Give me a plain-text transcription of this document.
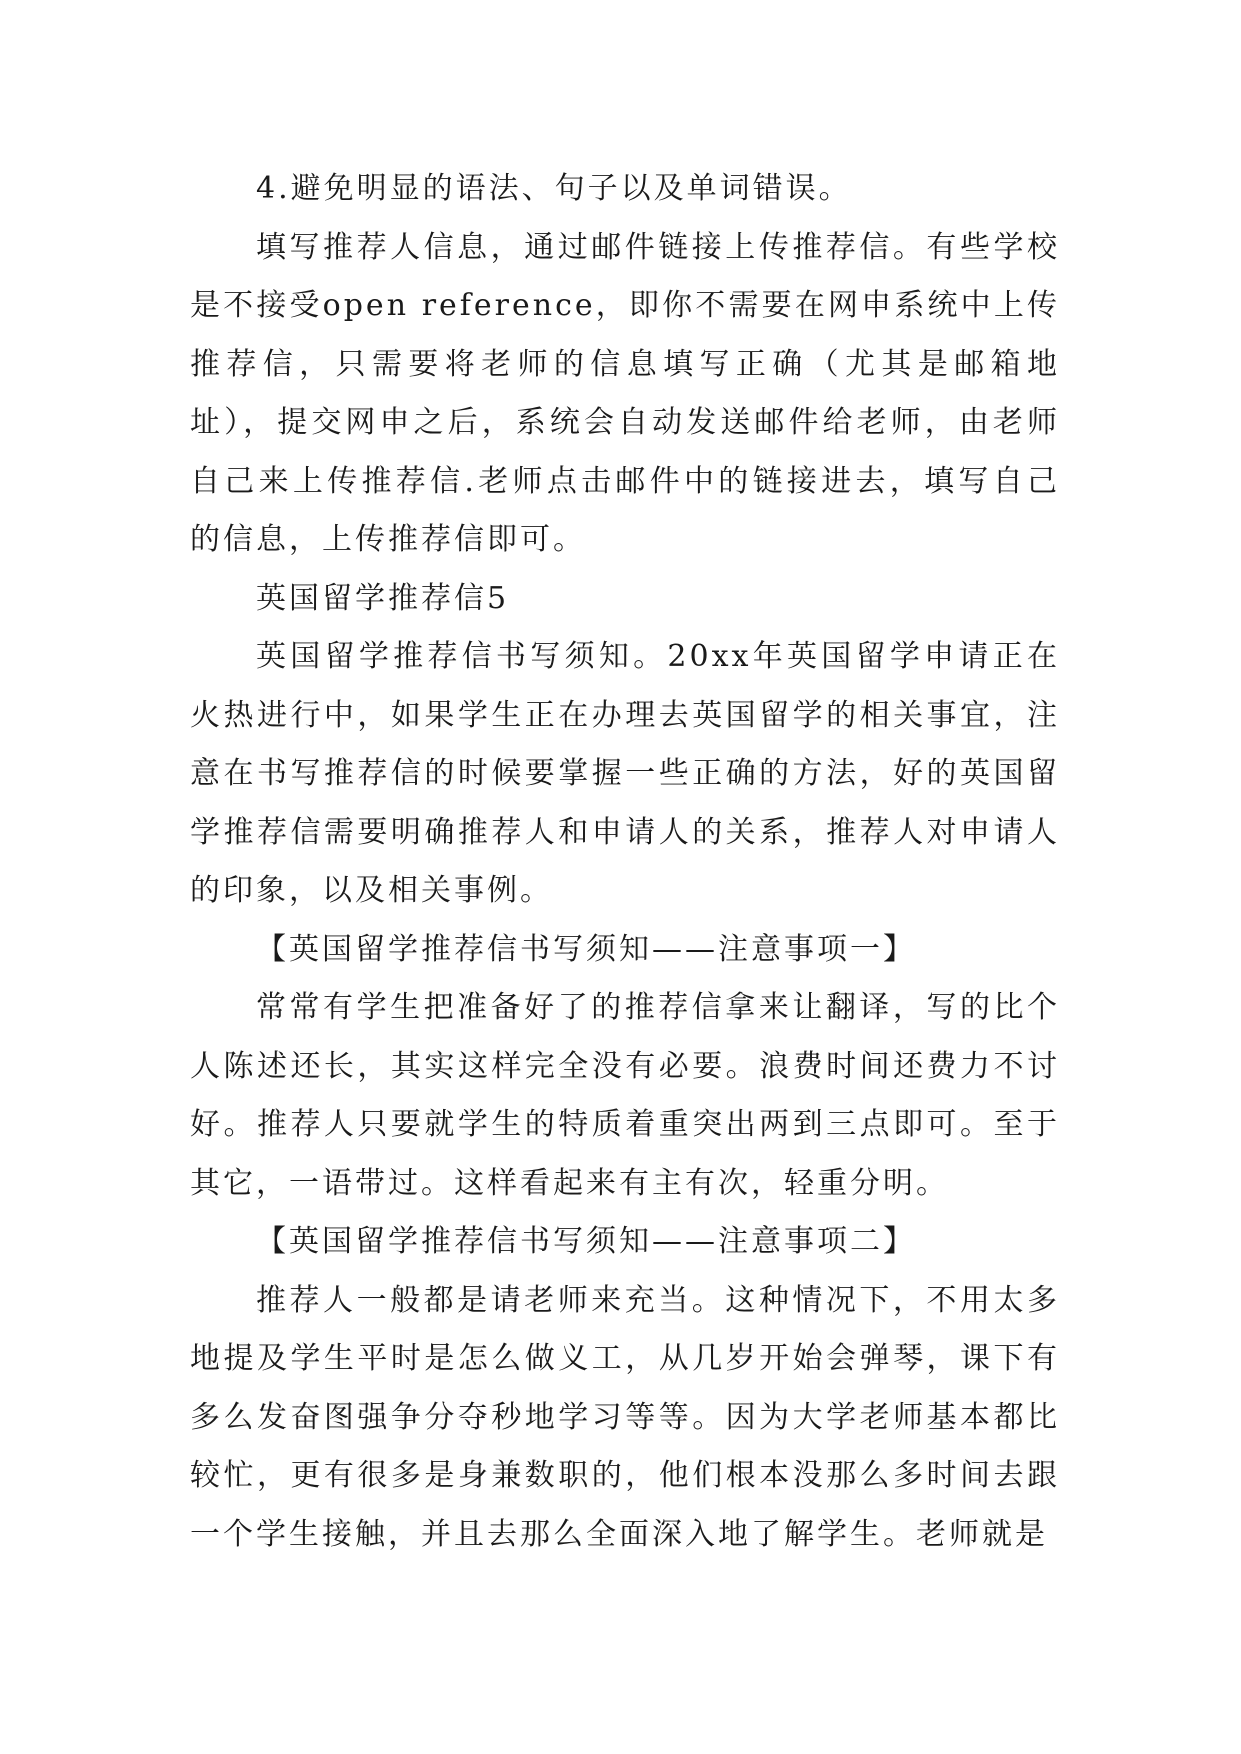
4.避免明显的语法、句子以及单词错误。

填写推荐人信息，通过邮件链接上传推荐信。有些学校是不接受open reference，即你不需要在网申系统中上传推荐信，只需要将老师的信息填写正确（尤其是邮箱地址），提交网申之后，系统会自动发送邮件给老师，由老师自己来上传推荐信.老师点击邮件中的链接进去，填写自己的信息，上传推荐信即可。

英国留学推荐信5

英国留学推荐信书写须知。20xx年英国留学申请正在火热进行中，如果学生正在办理去英国留学的相关事宜，注意在书写推荐信的时候要掌握一些正确的方法，好的英国留学推荐信需要明确推荐人和申请人的关系，推荐人对申请人的印象，以及相关事例。

【英国留学推荐信书写须知——注意事项一】

常常有学生把准备好了的推荐信拿来让翻译，写的比个人陈述还长，其实这样完全没有必要。浪费时间还费力不讨好。推荐人只要就学生的特质着重突出两到三点即可。至于其它，一语带过。这样看起来有主有次，轻重分明。

【英国留学推荐信书写须知——注意事项二】

推荐人一般都是请老师来充当。这种情况下，不用太多地提及学生平时是怎么做义工，从几岁开始会弹琴，课下有多么发奋图强争分夺秒地学习等等。因为大学老师基本都比较忙，更有很多是身兼数职的，他们根本没那么多时间去跟一个学生接触，并且去那么全面深入地了解学生。老师就是
